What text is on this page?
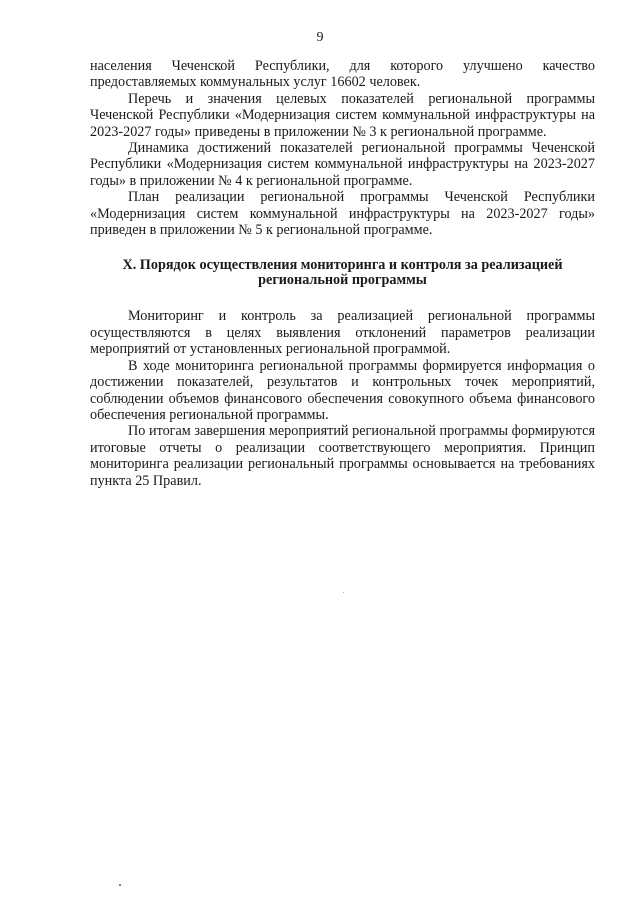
9

населения Чеченской Республики, для которого улучшено качество предоставляемых коммунальных услуг 16602 человек.

Перечь и значения целевых показателей региональной программы Чеченской Республики «Модернизация систем коммунальной инфраструктуры на 2023-2027 годы» приведены в приложении № 3 к региональной программе.

Динамика достижений показателей региональной программы Чеченской Республики «Модернизация систем коммунальной инфраструктуры на 2023-2027 годы» в приложении № 4 к региональной программе.

План реализации региональной программы Чеченской Республики «Модернизация систем коммунальной инфраструктуры на 2023-2027 годы» приведен в приложении № 5 к региональной программе.

X. Порядок осуществления мониторинга и контроля за реализацией
региональной программы

Мониторинг и контроль за реализацией региональной программы осуществляются в целях выявления отклонений параметров реализации мероприятий от установленных региональной программой.

В ходе мониторинга региональной программы формируется информация о достижении показателей, результатов и контрольных точек мероприятий, соблюдении объемов финансового обеспечения совокупного объема финансового обеспечения региональной программы.

По итогам завершения мероприятий региональной программы формируются итоговые отчеты о реализации соответствующего мероприятия. Принцип мониторинга реализации региональный программы основывается на требованиях пункта 25 Правил.
